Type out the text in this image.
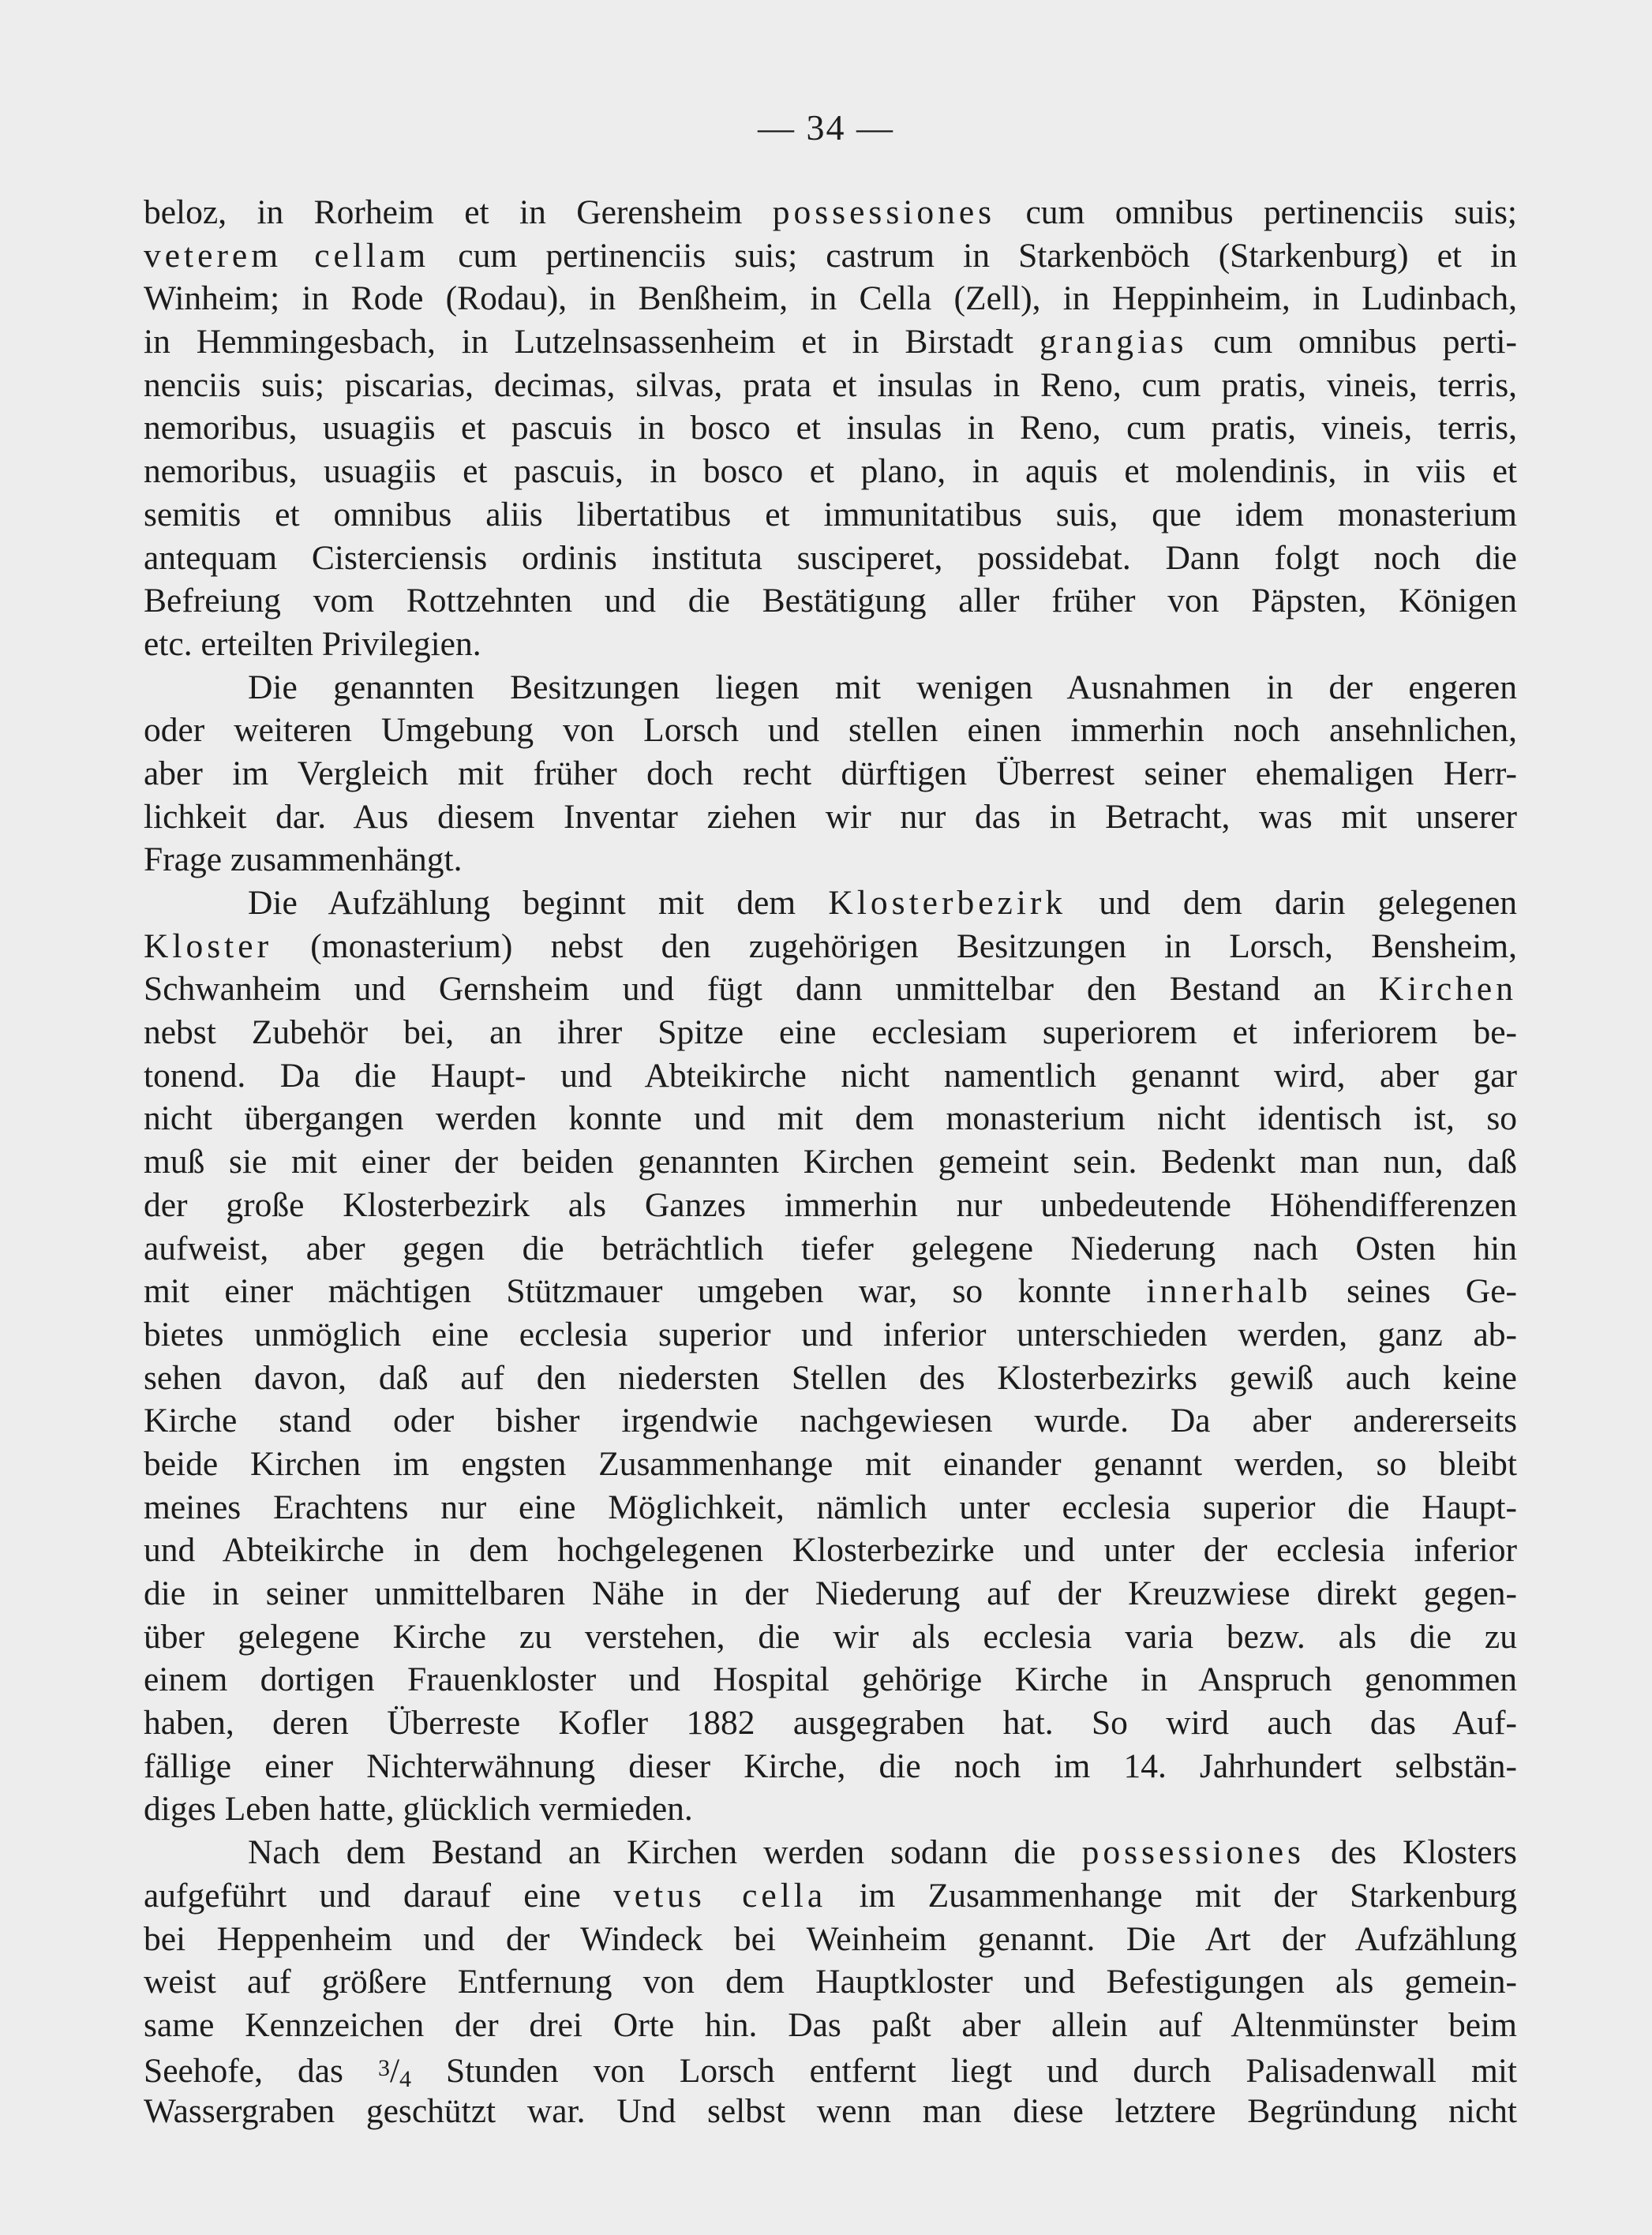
— 34 —
beloz, in Rorheim et in Gerensheim possessiones cum omnibus pertinenciis suis;
veterem cellam cum pertinenciis suis; castrum in Starkenböch (Starkenburg) et in
Winheim; in Rode (Rodau), in Benßheim, in Cella (Zell), in Heppinheim, in Ludinbach,
in Hemmingesbach, in Lutzelnsassenheim et in Birstadt grangias cum omnibus perti-
nenciis suis; piscarias, decimas, silvas, prata et insulas in Reno, cum pratis, vineis, terris,
nemoribus, usuagiis et pascuis in bosco et insulas in Reno, cum pratis, vineis, terris,
nemoribus, usuagiis et pascuis, in bosco et plano, in aquis et molendinis, in viis et
semitis et omnibus aliis libertatibus et immunitatibus suis, que idem monasterium
antequam Cisterciensis ordinis instituta susciperet, possidebat. Dann folgt noch die
Befreiung vom Rottzehnten und die Bestätigung aller früher von Päpsten, Königen
etc. erteilten Privilegien.
Die genannten Besitzungen liegen mit wenigen Ausnahmen in der engeren
oder weiteren Umgebung von Lorsch und stellen einen immerhin noch ansehnlichen,
aber im Vergleich mit früher doch recht dürftigen Überrest seiner ehemaligen Herr-
lichkeit dar. Aus diesem Inventar ziehen wir nur das in Betracht, was mit unserer
Frage zusammenhängt.
Die Aufzählung beginnt mit dem Klosterbezirk und dem darin gelegenen
Kloster (monasterium) nebst den zugehörigen Besitzungen in Lorsch, Bensheim,
Schwanheim und Gernsheim und fügt dann unmittelbar den Bestand an Kirchen
nebst Zubehör bei, an ihrer Spitze eine ecclesiam superiorem et inferiorem be-
tonend. Da die Haupt- und Abteikirche nicht namentlich genannt wird, aber gar
nicht übergangen werden konnte und mit dem monasterium nicht identisch ist, so
muß sie mit einer der beiden genannten Kirchen gemeint sein. Bedenkt man nun, daß
der große Klosterbezirk als Ganzes immerhin nur unbedeutende Höhendifferenzen
aufweist, aber gegen die beträchtlich tiefer gelegene Niederung nach Osten hin
mit einer mächtigen Stützmauer umgeben war, so konnte innerhalb seines Ge-
bietes unmöglich eine ecclesia superior und inferior unterschieden werden, ganz ab-
sehen davon, daß auf den niedersten Stellen des Klosterbezirks gewiß auch keine
Kirche stand oder bisher irgendwie nachgewiesen wurde. Da aber andererseits
beide Kirchen im engsten Zusammenhange mit einander genannt werden, so bleibt
meines Erachtens nur eine Möglichkeit, nämlich unter ecclesia superior die Haupt-
und Abteikirche in dem hochgelegenen Klosterbezirke und unter der ecclesia inferior
die in seiner unmittelbaren Nähe in der Niederung auf der Kreuzwiese direkt gegen-
über gelegene Kirche zu verstehen, die wir als ecclesia varia bezw. als die zu
einem dortigen Frauenkloster und Hospital gehörige Kirche in Anspruch genommen
haben, deren Überreste Kofler 1882 ausgegraben hat. So wird auch das Auf-
fällige einer Nichterwähnung dieser Kirche, die noch im 14. Jahrhundert selbstän-
diges Leben hatte, glücklich vermieden.
Nach dem Bestand an Kirchen werden sodann die possessiones des Klosters
aufgeführt und darauf eine vetus cella im Zusammenhange mit der Starkenburg
bei Heppenheim und der Windeck bei Weinheim genannt. Die Art der Aufzählung
weist auf größere Entfernung von dem Hauptkloster und Befestigungen als gemein-
same Kennzeichen der drei Orte hin. Das paßt aber allein auf Altenmünster beim
Seehofe, das 3/4 Stunden von Lorsch entfernt liegt und durch Palisadenwall mit
Wassergraben geschützt war. Und selbst wenn man diese letztere Begründung nicht
